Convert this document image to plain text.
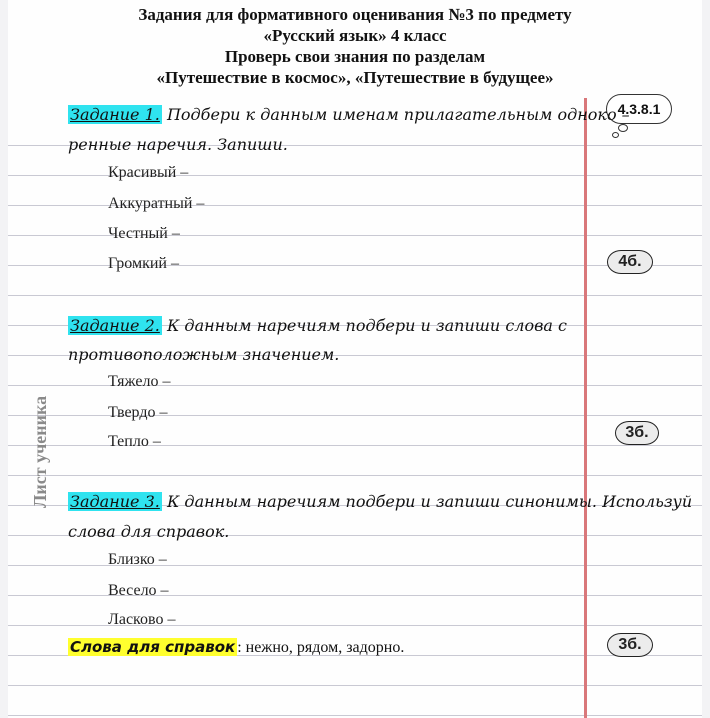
Задания для формативного оценивания №3 по предмету
«Русский язык» 4 класс
Проверь свои знания по разделам
«Путешествие в космос», «Путешествие в будущее»
4.3.8.1
Лист ученика
Задание 1. Подбери к данным именам прилагательным однокo –
ренные наречия. Запиши.
Красивый –
Аккуратный –
Честный –
Громкий –	4б.
Задание 2. К данным наречиям подбери и запиши слова с
противоположным значением.
Тяжело –
Твердо –
Тепло –
3б.
Задание 3. К данным наречиям подбери и запиши синонимы. Используй
слова для справок.
Близко –
Весело –
Ласково –
3б.
Слова для справок : нежно, рядом, задорно.
